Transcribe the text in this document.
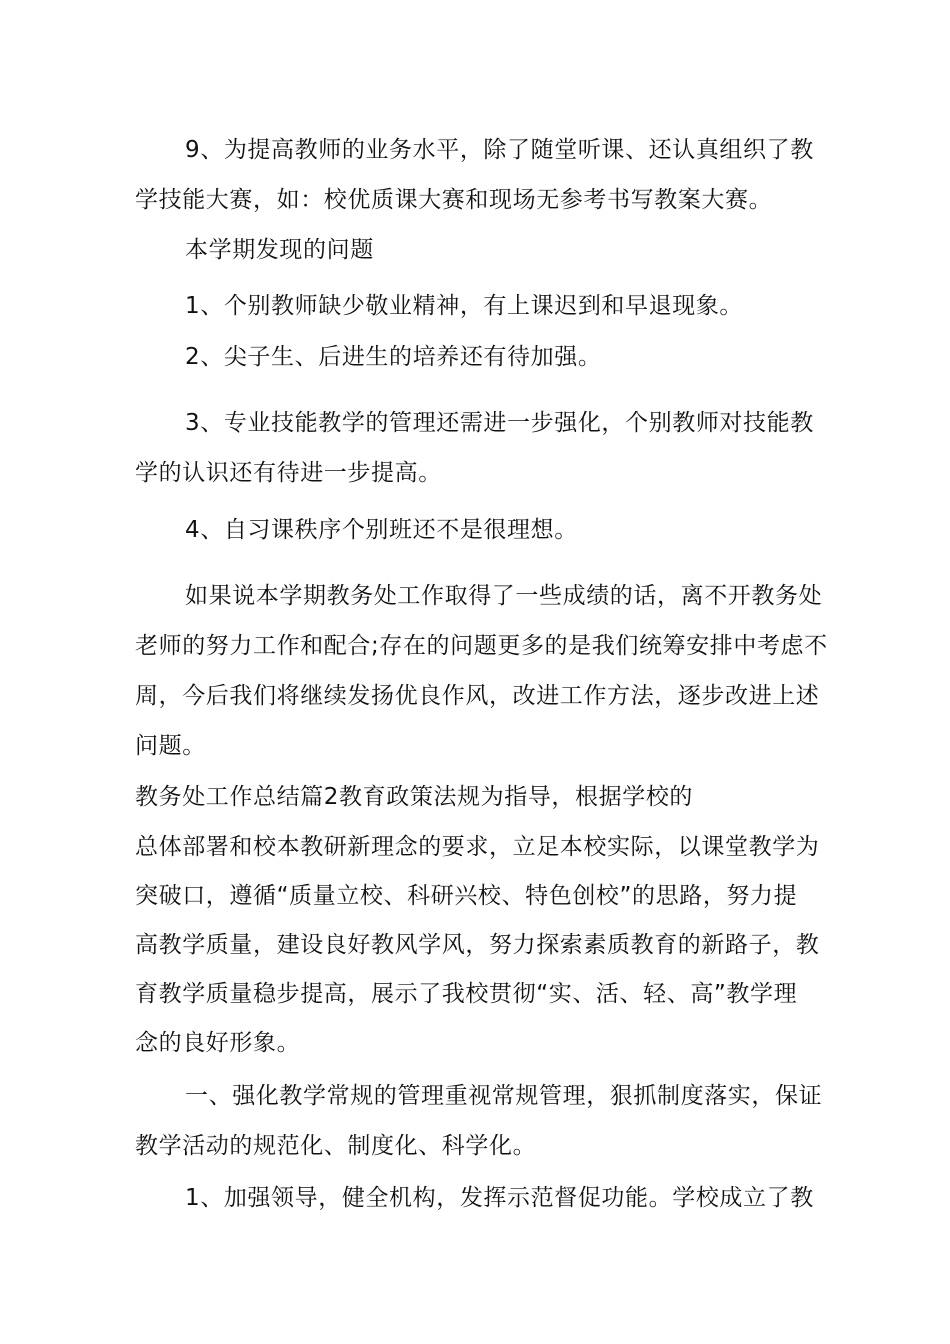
9、为提高教师的业务水平，除了随堂听课、还认真组织了教
学技能大赛，如：校优质课大赛和现场无参考书写教案大赛。
本学期发现的问题
1、个别教师缺少敬业精神，有上课迟到和早退现象。
2、尖子生、后进生的培养还有待加强。
3、专业技能教学的管理还需进一步强化，个别教师对技能教
学的认识还有待进一步提高。
4、自习课秩序个别班还不是很理想。
如果说本学期教务处工作取得了一些成绩的话，离不开教务处
老师的努力工作和配合;存在的问题更多的是我们统筹安排中考虑不
周，今后我们将继续发扬优良作风，改进工作方法，逐步改进上述
问题。
教务处工作总结篇2教育政策法规为指导，根据学校的
总体部署和校本教研新理念的要求，立足本校实际，以课堂教学为
突破口，遵循“质量立校、科研兴校、特色创校”的思路，努力提
高教学质量，建设良好教风学风，努力探索素质教育的新路子，教
育教学质量稳步提高，展示了我校贯彻“实、活、轻、高”教学理
念的良好形象。
一、强化教学常规的管理重视常规管理，狠抓制度落实，保证
教学活动的规范化、制度化、科学化。
1、加强领导，健全机构，发挥示范督促功能。学校成立了教
